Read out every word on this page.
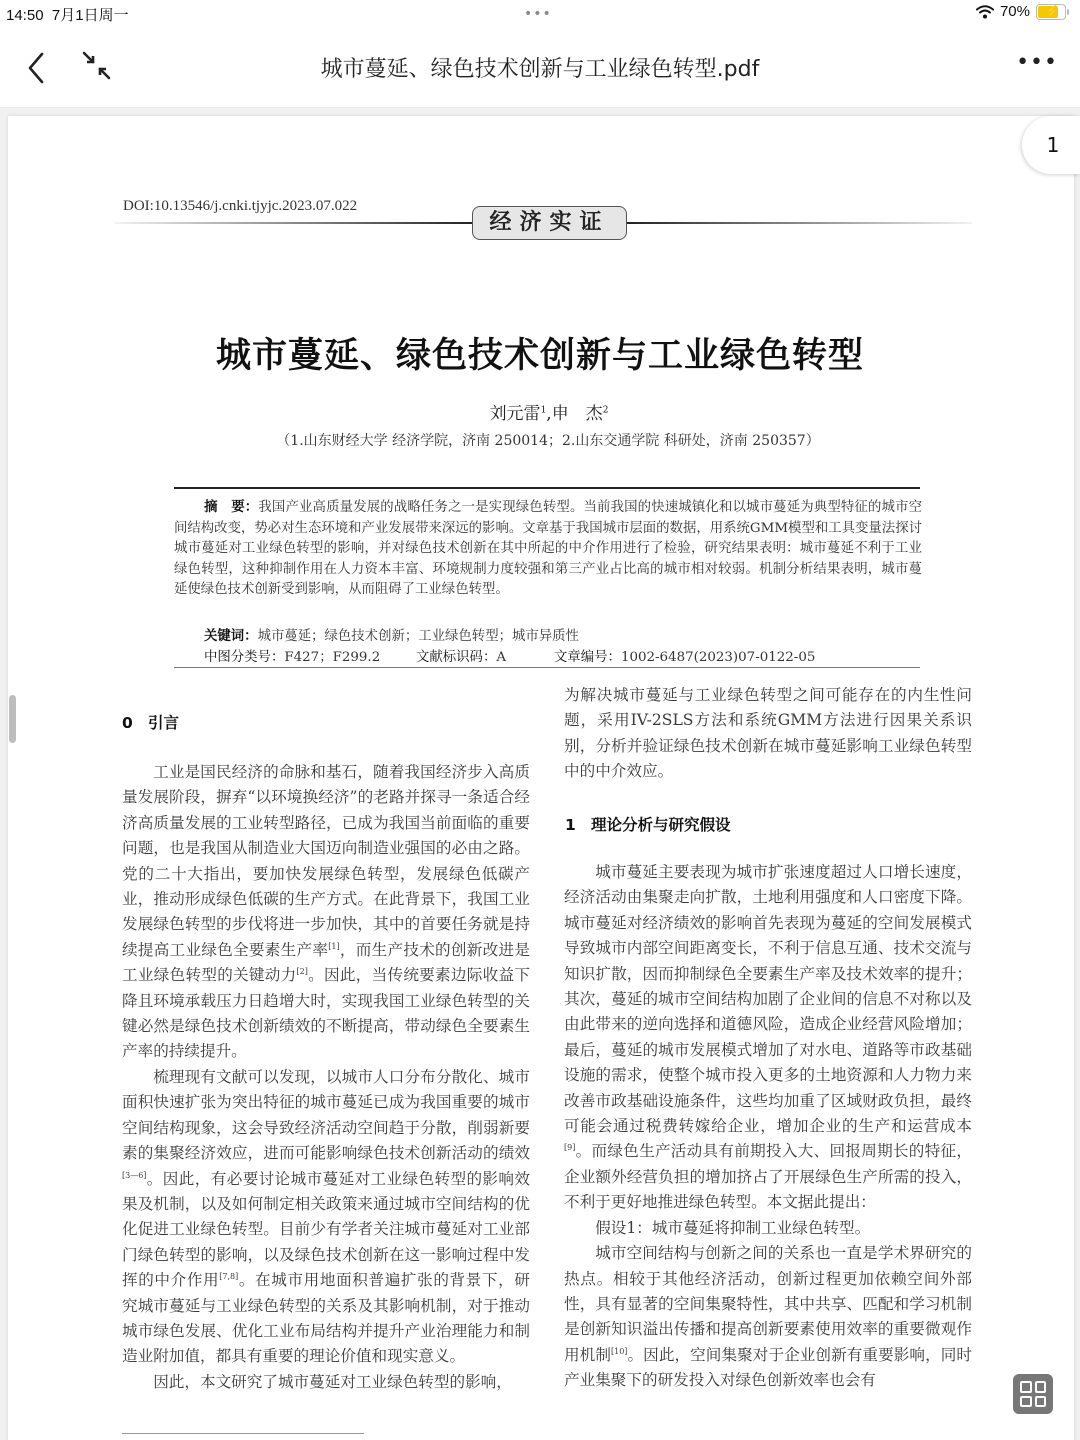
14:50 7月1日周一	•••	70% ⚡
城市蔓延、绿色技术创新与工业绿色转型.pdf	•••
1
DOI:10.13546/j.cnki.tjyjc.2023.07.022
经济实证
城市蔓延、绿色技术创新与工业绿色转型
刘元雷$^1$,申　杰$^2$
（1.山东财经大学 经济学院，济南 250014；2.山东交通学院 科研处，济南 250357）
摘　要：我国产业高质量发展的战略任务之一是实现绿色转型。当前我国的快速城镇化和以城市蔓延为典型特征的城市空间结构改变，势必对生态环境和产业发展带来深远的影响。文章基于我国城市层面的数据，用系统GMM模型和工具变量法探讨城市蔓延对工业绿色转型的影响，并对绿色技术创新在其中所起的中介作用进行了检验，研究结果表明：城市蔓延不利于工业绿色转型，这种抑制作用在人力资本丰富、环境规制力度较强和第三产业占比高的城市相对较弱。机制分析结果表明，城市蔓延使绿色技术创新受到影响，从而阻碍了工业绿色转型。
关键词：城市蔓延；绿色技术创新；工业绿色转型；城市异质性
中图分类号：F427；F299.2	文献标识码：A	文章编号：1002-6487(2023)07-0122-05
0 引言
1 理论分析与研究假设

工业是国民经济的命脉和基石，随着我国经济步入高质量发展阶段，摒弃“以环境换经济”的老路并探寻一条适合经济高质量发展的工业转型路径，已成为我国当前面临的重要问题，也是我国从制造业大国迈向制造业强国的必由之路。党的二十大指出，要加快发展绿色转型，发展绿色低碳产业，推动形成绿色低碳的生产方式。在此背景下，我国工业发展绿色转型的步伐将进一步加快，其中的首要任务就是持续提高工业绿色全要素生产率[1]，而生产技术的创新改进是工业绿色转型的关键动力[2]。因此，当传统要素边际收益下降且环境承载压力日趋增大时，实现我国工业绿色转型的关键必然是绿色技术创新绩效的不断提高，带动绿色全要素生产率的持续提升。

梳理现有文献可以发现，以城市人口分布分散化、城市面积快速扩张为突出特征的城市蔓延已成为我国重要的城市空间结构现象，这会导致经济活动空间趋于分散，削弱新要素的集聚经济效应，进而可能影响绿色技术创新活动的绩效[3—6]。因此，有必要讨论城市蔓延对工业绿色转型的影响效果及机制，以及如何制定相关政策来通过城市空间结构的优化促进工业绿色转型。目前少有学者关注城市蔓延对工业部门绿色转型的影响，以及绿色技术创新在这一影响过程中发挥的中介作用[7,8]。在城市用地面积普遍扩张的背景下，研究城市蔓延与工业绿色转型的关系及其影响机制，对于推动城市绿色发展、优化工业布局结构并提升产业治理能力和制造业附加值，都具有重要的理论价值和现实意义。

因此，本文研究了城市蔓延对工业绿色转型的影响，

为解决城市蔓延与工业绿色转型之间可能存在的内生性问题，采用IV-2SLS方法和系统GMM方法进行因果关系识别，分析并验证绿色技术创新在城市蔓延影响工业绿色转型中的中介效应。

城市蔓延主要表现为城市扩张速度超过人口增长速度，经济活动由集聚走向扩散，土地利用强度和人口密度下降。城市蔓延对经济绩效的影响首先表现为蔓延的空间发展模式导致城市内部空间距离变长，不利于信息互通、技术交流与知识扩散，因而抑制绿色全要素生产率及技术效率的提升；其次，蔓延的城市空间结构加剧了企业间的信息不对称以及由此带来的逆向选择和道德风险，造成企业经营风险增加；最后，蔓延的城市发展模式增加了对水电、道路等市政基础设施的需求，使整个城市投入更多的土地资源和人力物力来改善市政基础设施条件，这些均加重了区域财政负担，最终可能会通过税费转嫁给企业，增加企业的生产和运营成本[9]。而绿色生产活动具有前期投入大、回报周期长的特征，企业额外经营负担的增加挤占了开展绿色生产所需的投入，不利于更好地推进绿色转型。本文据此提出：

假设1：城市蔓延将抑制工业绿色转型。

城市空间结构与创新之间的关系也一直是学术界研究的热点。相较于其他经济活动，创新过程更加依赖空间外部性，具有显著的空间集聚特性，其中共享、匹配和学习机制是创新知识溢出传播和提高创新要素使用效率的重要微观作用机制[10]。因此，空间集聚对于企业创新有重要影响，同时产业集聚下的研发投入对绿色创新效率也会有
